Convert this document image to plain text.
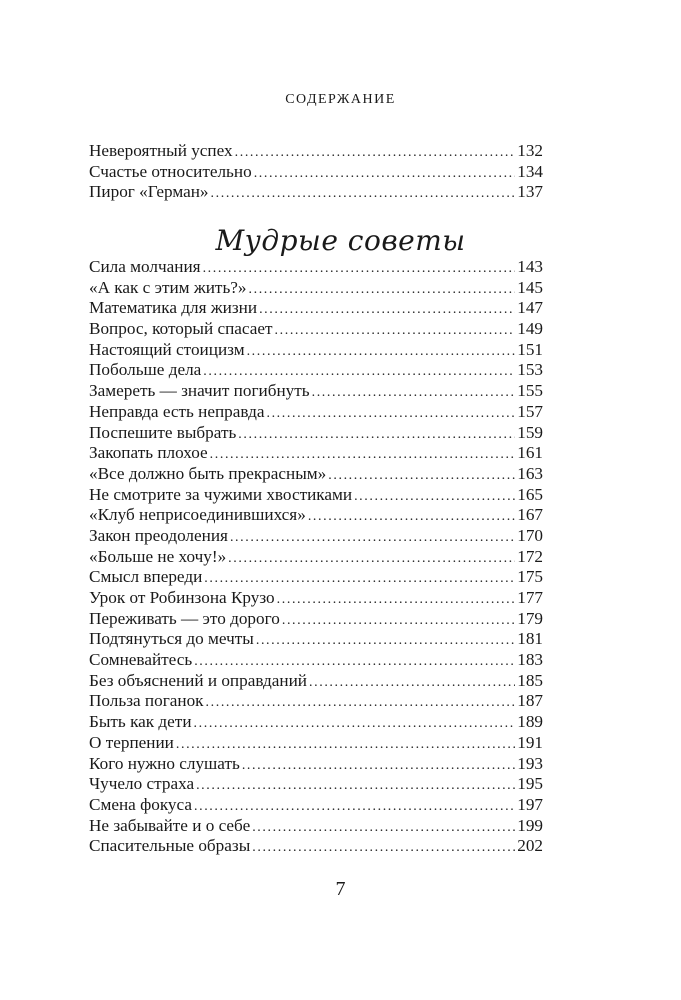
СОДЕРЖАНИЕ
Невероятный успех .....	132
Счастье относительно .....	134
Пирог «Герман» .....	137
Мудрые советы
Сила молчания .....	143
«А как с этим жить?» .....	145
Математика для жизни .....	147
Вопрос, который спасает .....	149
Настоящий стоицизм .....	151
Побольше дела .....	153
Замереть — значит погибнуть .....	155
Неправда есть неправда .....	157
Поспешите выбрать .....	159
Закопать плохое .....	161
«Все должно быть прекрасным» .....	163
Не смотрите за чужими хвостиками .....	165
«Клуб неприсоединившихся» .....	167
Закон преодоления .....	170
«Больше не хочу!» .....	172
Смысл впереди .....	175
Урок от Робинзона Крузо .....	177
Переживать — это дорого .....	179
Подтянуться до мечты .....	181
Сомневайтесь .....	183
Без объяснений и оправданий .....	185
Польза поганок .....	187
Быть как дети .....	189
О терпении .....	191
Кого нужно слушать .....	193
Чучело страха .....	195
Смена фокуса .....	197
Не забывайте и о себе .....	199
Спасительные образы .....	202
7
